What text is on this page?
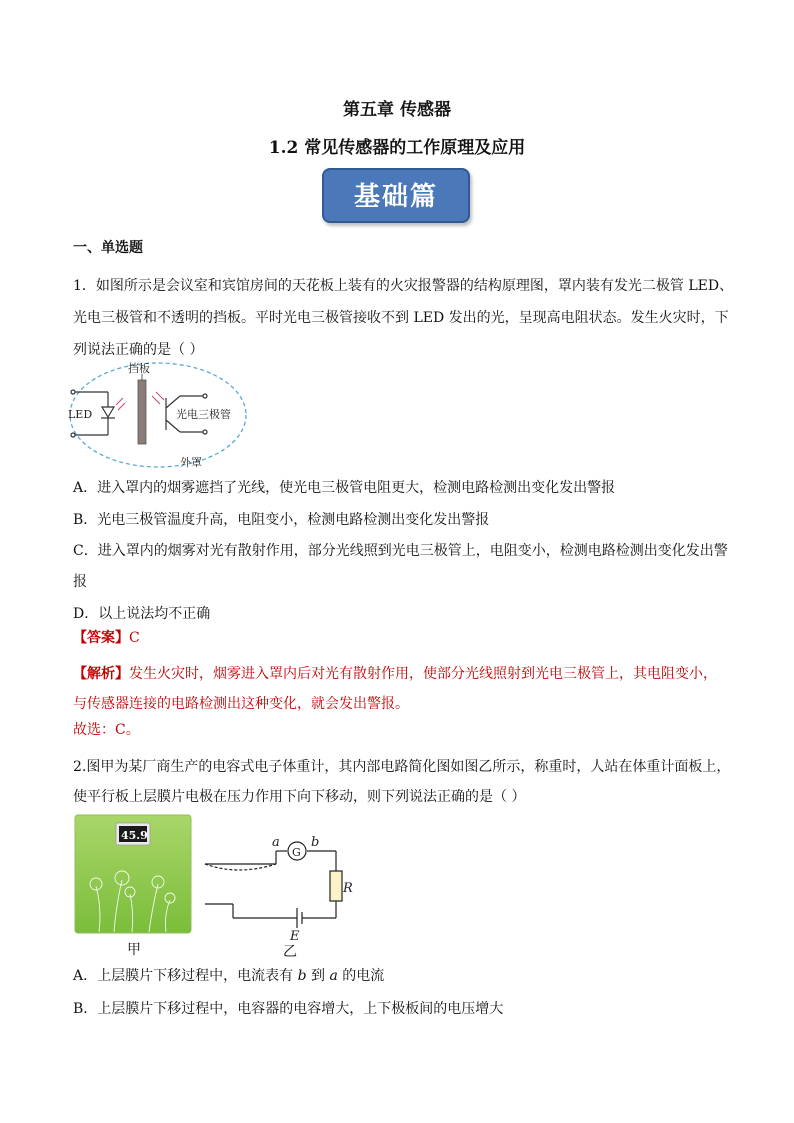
第五章 传感器
1.2 常见传感器的工作原理及应用
基础篇
一、单选题
1．如图所示是会议室和宾馆房间的天花板上装有的火灾报警器的结构原理图，罩内装有发光二极管 LED、
光电三极管和不透明的挡板。平时光电三极管接收不到 LED 发出的光，呈现高电阻状态。发生火灾时，下
列说法正确的是（ ）
LED
挡板
光电三极管
外罩
A．进入罩内的烟雾遮挡了光线，使光电三极管电阻更大，检测电路检测出变化发出警报
B．光电三极管温度升高，电阻变小，检测电路检测出变化发出警报
C．进入罩内的烟雾对光有散射作用，部分光线照到光电三极管上，电阻变小，检测电路检测出变化发出警
报
D．以上说法均不正确
【答案】C
【解析】发生火灾时，烟雾进入罩内后对光有散射作用，使部分光线照射到光电三极管上，其电阻变小，
与传感器连接的电路检测出这种变化，就会发出警报。
故选：C。
2.图甲为某厂商生产的电容式电子体重计，其内部电路简化图如图乙所示，称重时，人站在体重计面板上，
使平行板上层膜片电极在压力作用下向下移动，则下列说法正确的是（ ）
45.9
甲
G
a b
R
E
乙
A．上层膜片下移过程中，电流表有 b 到 a 的电流
B．上层膜片下移过程中，电容器的电容增大，上下极板间的电压增大
